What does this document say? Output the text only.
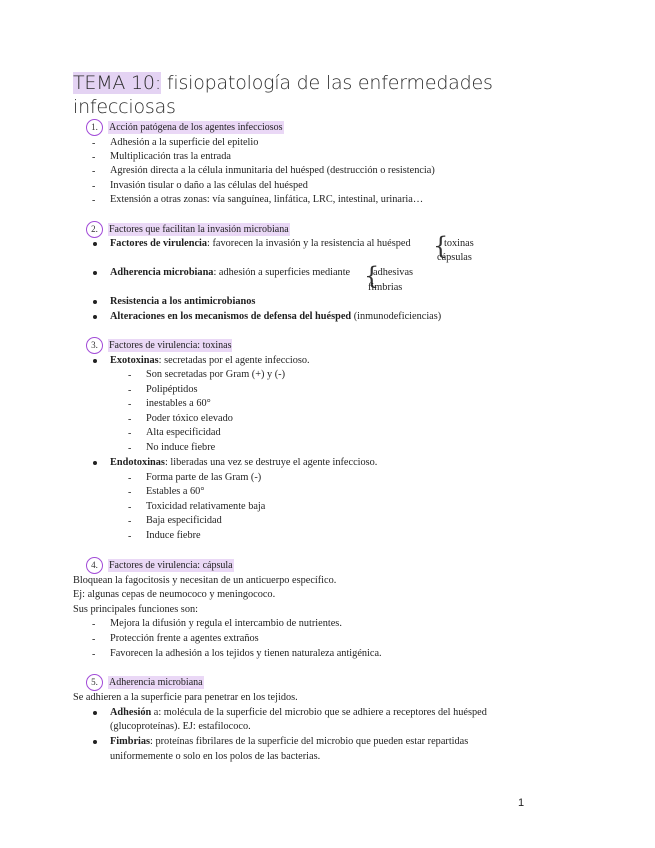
TEMA 10: fisiopatología de las enfermedades infecciosas
1.	Acción patógena de los agentes infecciosos
- Adhesión a la superficie del epitelio
- Multiplicación tras la entrada
- Agresión directa a la célula inmunitaria del huésped (destrucción o resistencia)
- Invasión tisular o daño a las células del huésped
- Extensión a otras zonas: vía sanguínea, linfática, LRC, intestinal, urinaria…
2.	Factores que facilitan la invasión microbiana
Factores de virulencia: favorecen la invasión y la resistencia al huésped {
toxinas
cápsulas
Adherencia microbiana: adhesión a superficies mediante {
adhesivas
fimbrias
Resistencia a los antimicrobianos
Alteraciones en los mecanismos de defensa del huésped (inmunodeficiencias)
3.	Factores de virulencia: toxinas
Exotoxinas: secretadas por el agente infeccioso.
- Son secretadas por Gram (+) y (-)
- Polipéptidos
- inestables a 60°
- Poder tóxico elevado
- Alta especificidad
- No induce fiebre
Endotoxinas: liberadas una vez se destruye el agente infeccioso.
- Forma parte de las Gram (-)
- Estables a 60°
- Toxicidad relativamente baja
- Baja especificidad
- Induce fiebre
4.	Factores de virulencia: cápsula
Bloquean la fagocitosis y necesitan de un anticuerpo específico.
Ej: algunas cepas de neumococo y meningococo.
Sus principales funciones son:
- Mejora la difusión y regula el intercambio de nutrientes.
- Protección frente a agentes extraños
- Favorecen la adhesión a los tejidos y tienen naturaleza antigénica.
5.	Adherencia microbiana
Se adhieren a la superficie para penetrar en los tejidos.
Adhesión a: molécula de la superficie del microbio que se adhiere a receptores del huésped
(glucoproteínas). EJ: estafilococo.
Fimbrias: proteínas fibrilares de la superficie del microbio que pueden estar repartidas
uniformemente o solo en los polos de las bacterias.
1
